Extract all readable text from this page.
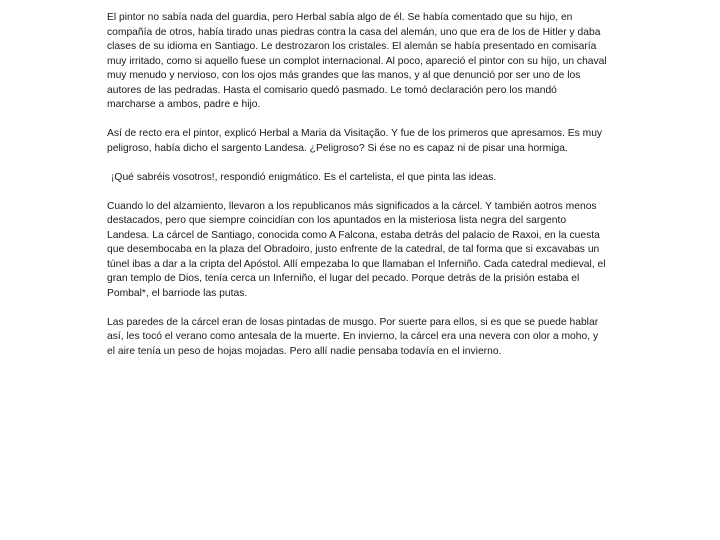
El pintor no sabía nada del guardia, pero Herbal sabía algo de él. Se había comentado que su hijo, en compañía de otros, había tirado unas piedras contra la casa del alemán, uno que era de los de Hitler y daba clases de su idioma en Santiago. Le destrozaron los cristales. El alemán se había presentado en comisaría muy irritado, como si aquello fuese un complot internacional. Al poco, apareció el pintor con su hijo, un chaval muy menudo y nervioso, con los ojos más grandes que las manos, y al que denunció por ser uno de los autores de las pedradas. Hasta el comisario quedó pasmado. Le tomó declaración pero los mandó marcharse a ambos, padre e hijo.

Así de recto era el pintor, explicó Herbal a Maria da Visitação. Y fue de los primeros que apresamos. Es muy peligroso, había dicho el sargento Landesa. ¿Peligroso? Si ése no es capaz ni de pisar una hormiga.

¡Qué sabréis vosotros!, respondió enigmático. Es el cartelista, el que pinta las ideas.

Cuando lo del alzamiento, llevaron a los republicanos más significados a la cárcel. Y también aotros menos destacados, pero que siempre coincidían con los apuntados en la misteriosa lista negra del sargento Landesa. La cárcel de Santiago, conocida como A Falcona, estaba detrás del palacio de Raxoi, en la cuesta que desembocaba en la plaza del Obradoiro, justo enfrente de la catedral, de tal forma que si excavabas un túnel ibas a dar a la cripta del Apóstol. Allí empezaba lo que llamaban el Inferniño. Cada catedral medieval, el gran templo de Dios, tenía cerca un Inferniño, el lugar del pecado. Porque detrás de la prisión estaba el Pombal*, el barriode las putas.

Las paredes de la cárcel eran de losas pintadas de musgo. Por suerte para ellos, si es que se puede hablar así, les tocó el verano como antesala de la muerte. En invierno, la cárcel era una nevera con olor a moho, y el aire tenía un peso de hojas mojadas. Pero allí nadie pensaba todavía en el invierno.
